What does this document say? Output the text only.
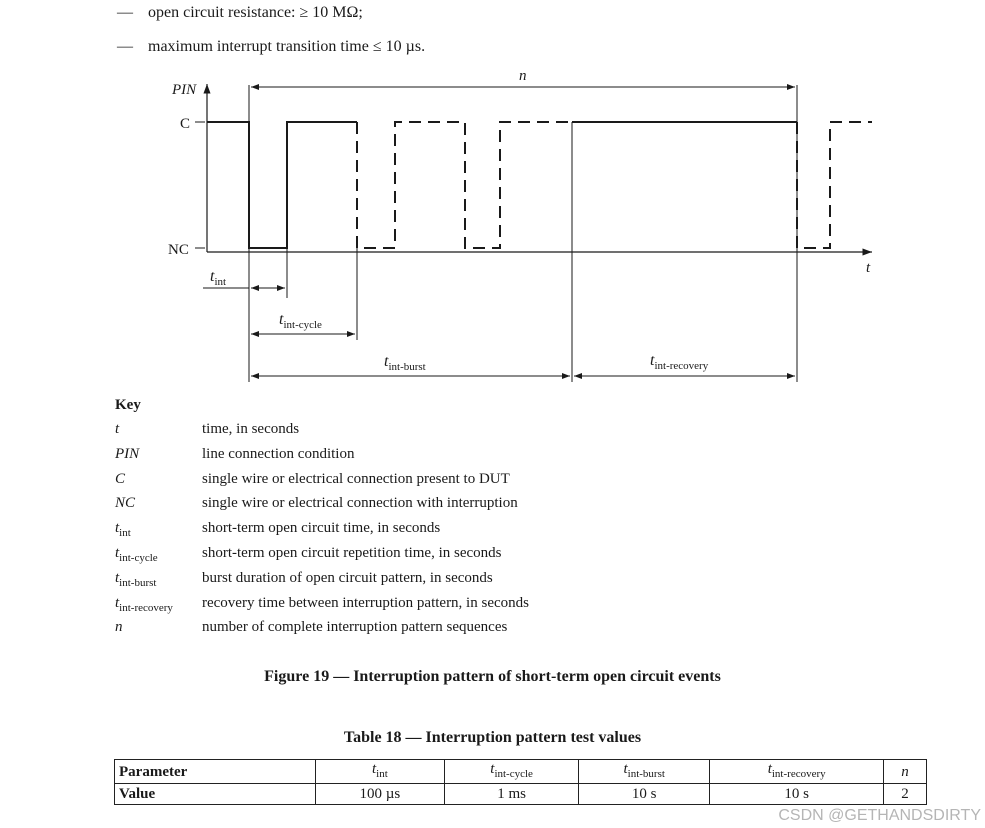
— open circuit resistance: ≥ 10 MΩ;
— maximum interrupt transition time ≤ 10 µs.
PIN
C
NC
t
n
$t_{int}$
$t_{int-cycle}$
$t_{int-burst}$	$t_{int-recovery}$
Key
t	time, in seconds
PIN	line connection condition
C	single wire or electrical connection present to DUT
NC	single wire or electrical connection with interruption
$t_{int}$	short-term open circuit time, in seconds
$t_{int-cycle}$	short-term open circuit repetition time, in seconds
$t_{int-burst}$	burst duration of open circuit pattern, in seconds
$t_{int-recovery}$ recovery time between interruption pattern, in seconds
n	number of complete interruption pattern sequences
Figure 19 — Interruption pattern of short-term open circuit events
Table 18 — Interruption pattern test values
Parameter	$t_{int}$	$t_{int-cycle}$	$t_{int-burst}$	$t_{int-recovery}$	n
Value	100 µs	1 ms	10 s	10 s	2
CSDN @GETHANDSDIRTY
